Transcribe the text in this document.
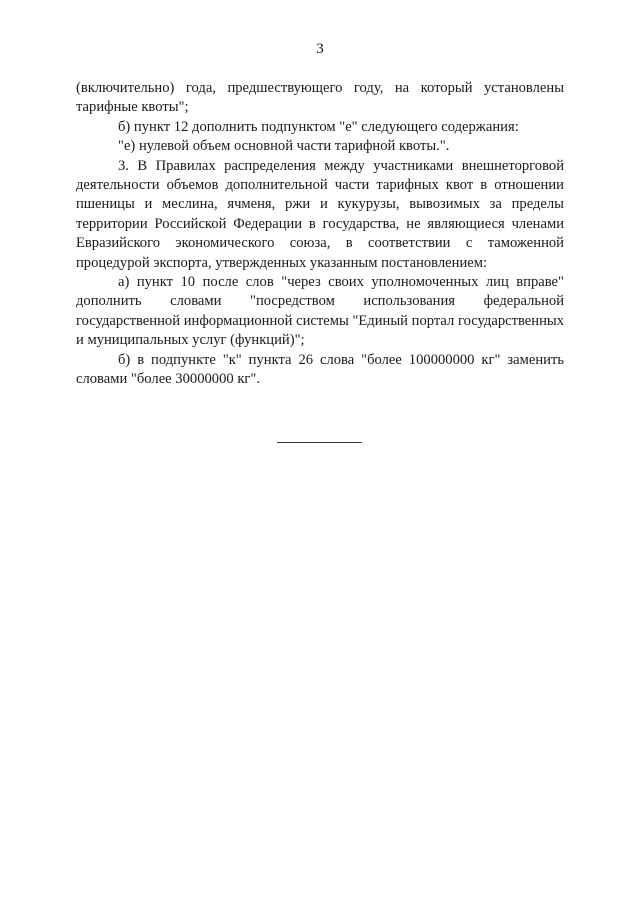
3

(включительно) года, предшествующего году, на который установлены тарифные квоты";

б) пункт 12 дополнить подпунктом "е" следующего содержания:

"е) нулевой объем основной части тарифной квоты.".

3. В Правилах распределения между участниками внешнеторговой деятельности объемов дополнительной части тарифных квот в отношении пшеницы и меслина, ячменя, ржи и кукурузы, вывозимых за пределы территории Российской Федерации в государства, не являющиеся членами Евразийского экономического союза, в соответствии с таможенной процедурой экспорта, утвержденных указанным постановлением:

а) пункт 10 после слов "через своих уполномоченных лиц вправе" дополнить словами "посредством использования федеральной государственной информационной системы "Единый портал государственных и муниципальных услуг (функций)";

б) в подпункте "к" пункта 26 слова "более 100000000 кг" заменить словами "более 30000000 кг".
